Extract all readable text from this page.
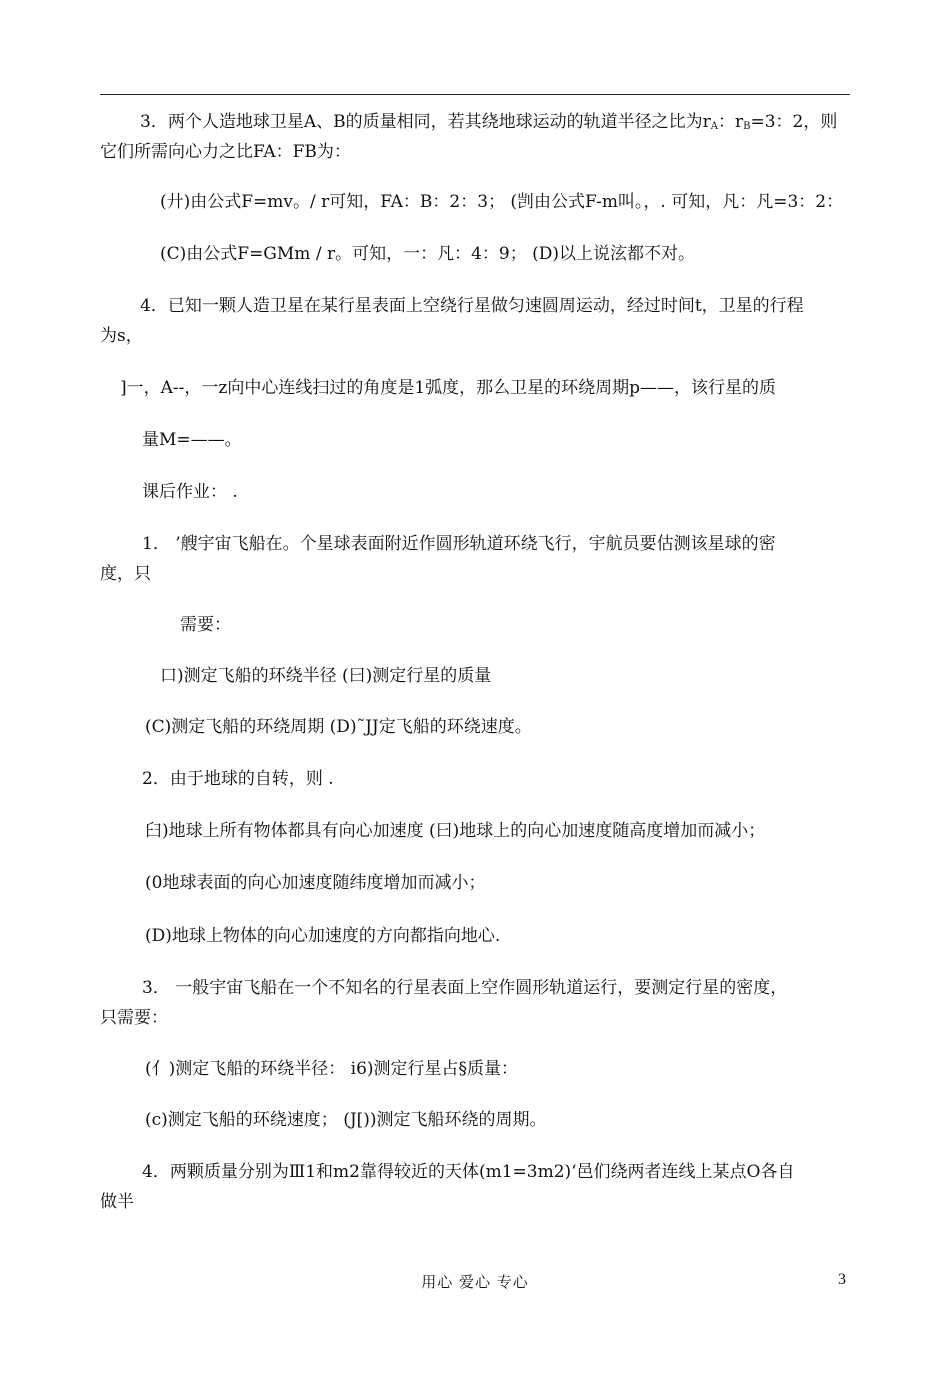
3．两个人造地球卫星A、B的质量相同，若其绕地球运动的轨道半径之比为$r_A$：$r_B=3$：2，则
它们所需向心力之比FA：FB为：
(廾)由公式F=mv。/ r可知，FA：B：2：3； (剀由公式F-m叫。，. 可知，凡：凡=3：2：
(C)由公式F=GMm / r。可知，一：凡：4：9； (D)以上说泫都不对。
4．已知一颗人造卫星在某行星表面上空绕行星做匀速圆周运动，经过时间t，卫星的行程
为s，
]一，A--，一z向中心连线扫过的角度是1弧度，那么卫星的环绕周期p——，该行星的质
量M=——。
课后作业： .
1． ’艘宇宙飞船在。个星球表面附近作圆形轨道环绕飞行，宇航员要估测该星球的密
度，只
需要：
口)测定飞船的环绕半径 (曰)测定行星的质量
(C)测定飞船的环绕周期 (D)˜JJ定飞船的环绕速度。
2．由于地球的自转，则 .
臼)地球上所有物体都具有向心加速度 (曰)地球上的向心加速度随高度增加而减小；
(0地球表面的向心加速度随纬度增加而减小；
(D)地球上物体的向心加速度的方向都指向地心.
3． 一般宇宙飞船在一个不知名的行星表面上空作圆形轨道运行，要测定行星的密度，
只需要：
(亻)测定飞船的环绕半径： i6)测定行星占§质量：
(c)测定飞船的环绕速度； (J[))测定飞船环绕的周期。
4．两颗质量分别为Ⅲ1和m2靠得较近的天体(m1=3m2)‘邑们绕两者连线上某点O各自
做半
用心 爱心 专心	3
